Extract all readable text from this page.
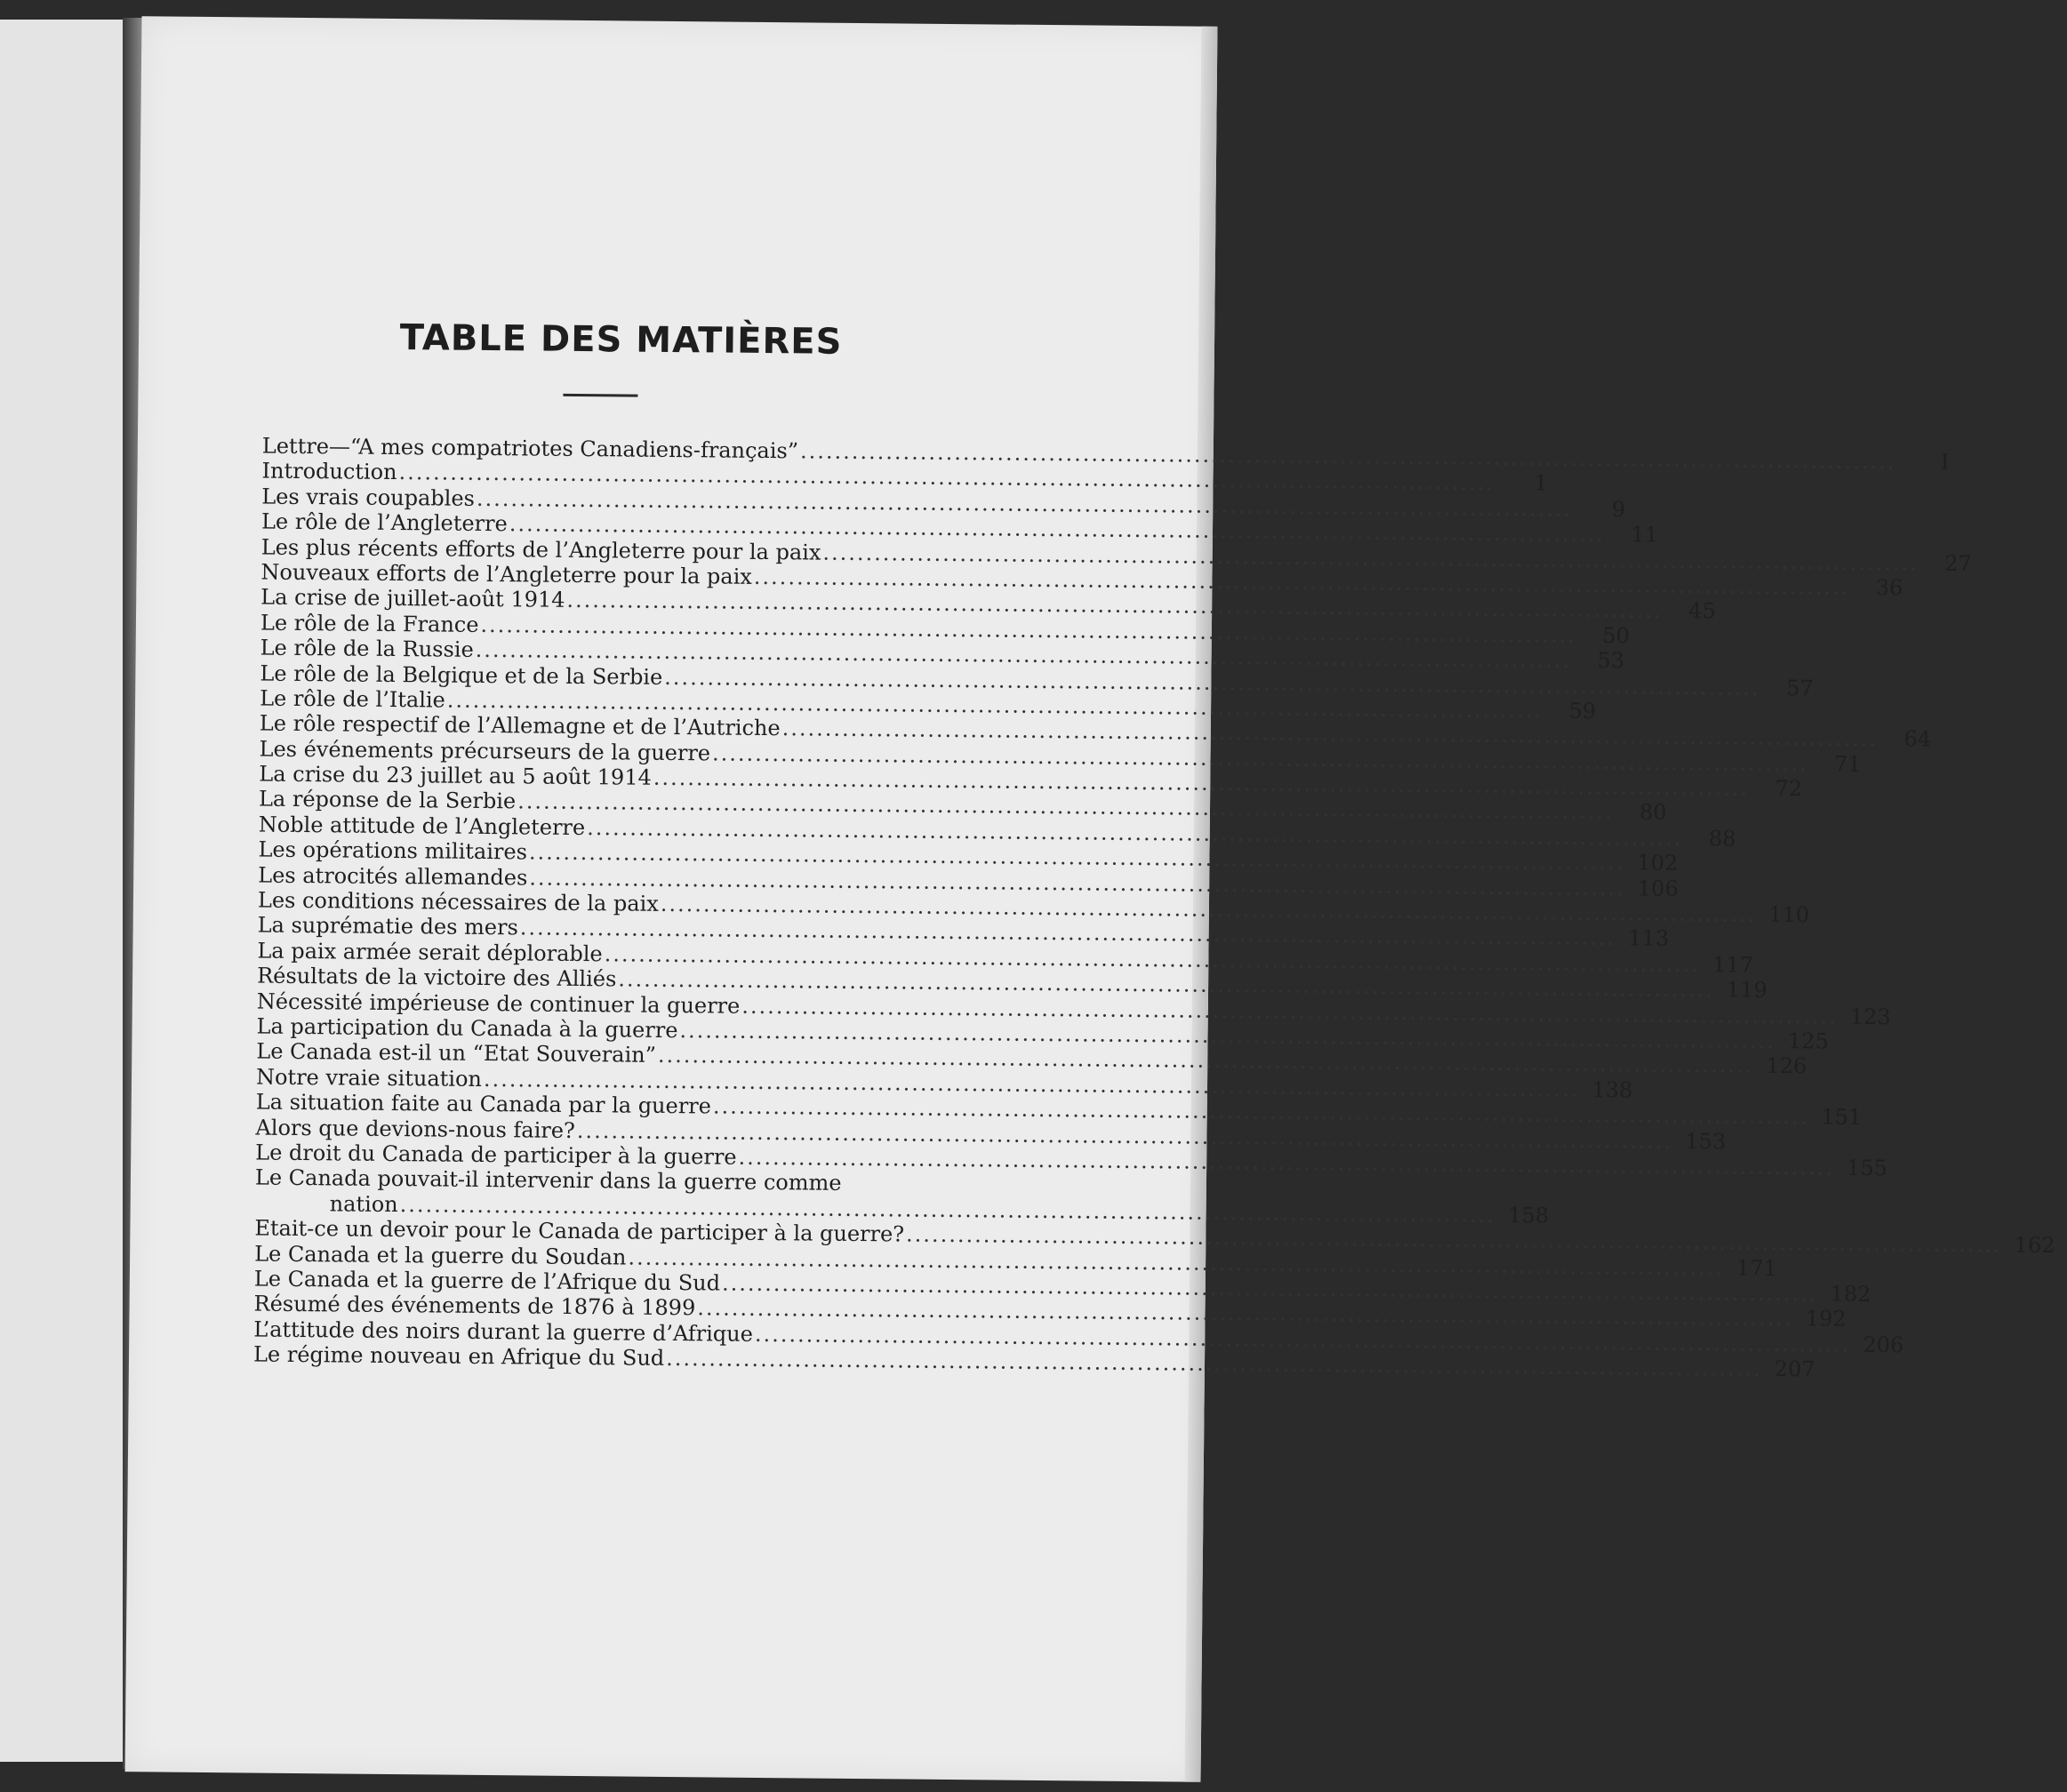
TABLE DES MATIÈRES
Lettre—“A mes compatriotes Canadiens-français” .....	I
Introduction .....	1
Les vrais coupables .....	9
Le rôle de l’Angleterre .....	11
Les plus récents efforts de l’Angleterre pour la paix .....	27
Nouveaux efforts de l’Angleterre pour la paix .....	36
La crise de juillet-août 1914 .....	45
Le rôle de la France .....	50
Le rôle de la Russie .....	53
Le rôle de la Belgique et de la Serbie .....	57
Le rôle de l’Italie .....	59
Le rôle respectif de l’Allemagne et de l’Autriche .....	64
Les événements précurseurs de la guerre .....	71
La crise du 23 juillet au 5 août 1914 .....	72
La réponse de la Serbie .....	80
Noble attitude de l’Angleterre .....	88
Les opérations militaires .....	102
Les atrocités allemandes .....	106
Les conditions nécessaires de la paix .....	110
La suprématie des mers .....	113
La paix armée serait déplorable .....	117
Résultats de la victoire des Alliés .....	119
Nécessité impérieuse de continuer la guerre .....	123
La participation du Canada à la guerre .....	125
Le Canada est-il un “Etat Souverain” .....	126
Notre vraie situation .....	138
La situation faite au Canada par la guerre .....	151
Alors que devions-nous faire? .....	153
Le droit du Canada de participer à la guerre .....	155
Le Canada pouvait-il intervenir dans la guerre comme
nation .....	158
Etait-ce un devoir pour le Canada de participer à la guerre? .....	162
Le Canada et la guerre du Soudan .....	171
Le Canada et la guerre de l’Afrique du Sud .....	182
Résumé des événements de 1876 à 1899 .....	192
L’attitude des noirs durant la guerre d’Afrique .....	206
Le régime nouveau en Afrique du Sud .....	207
